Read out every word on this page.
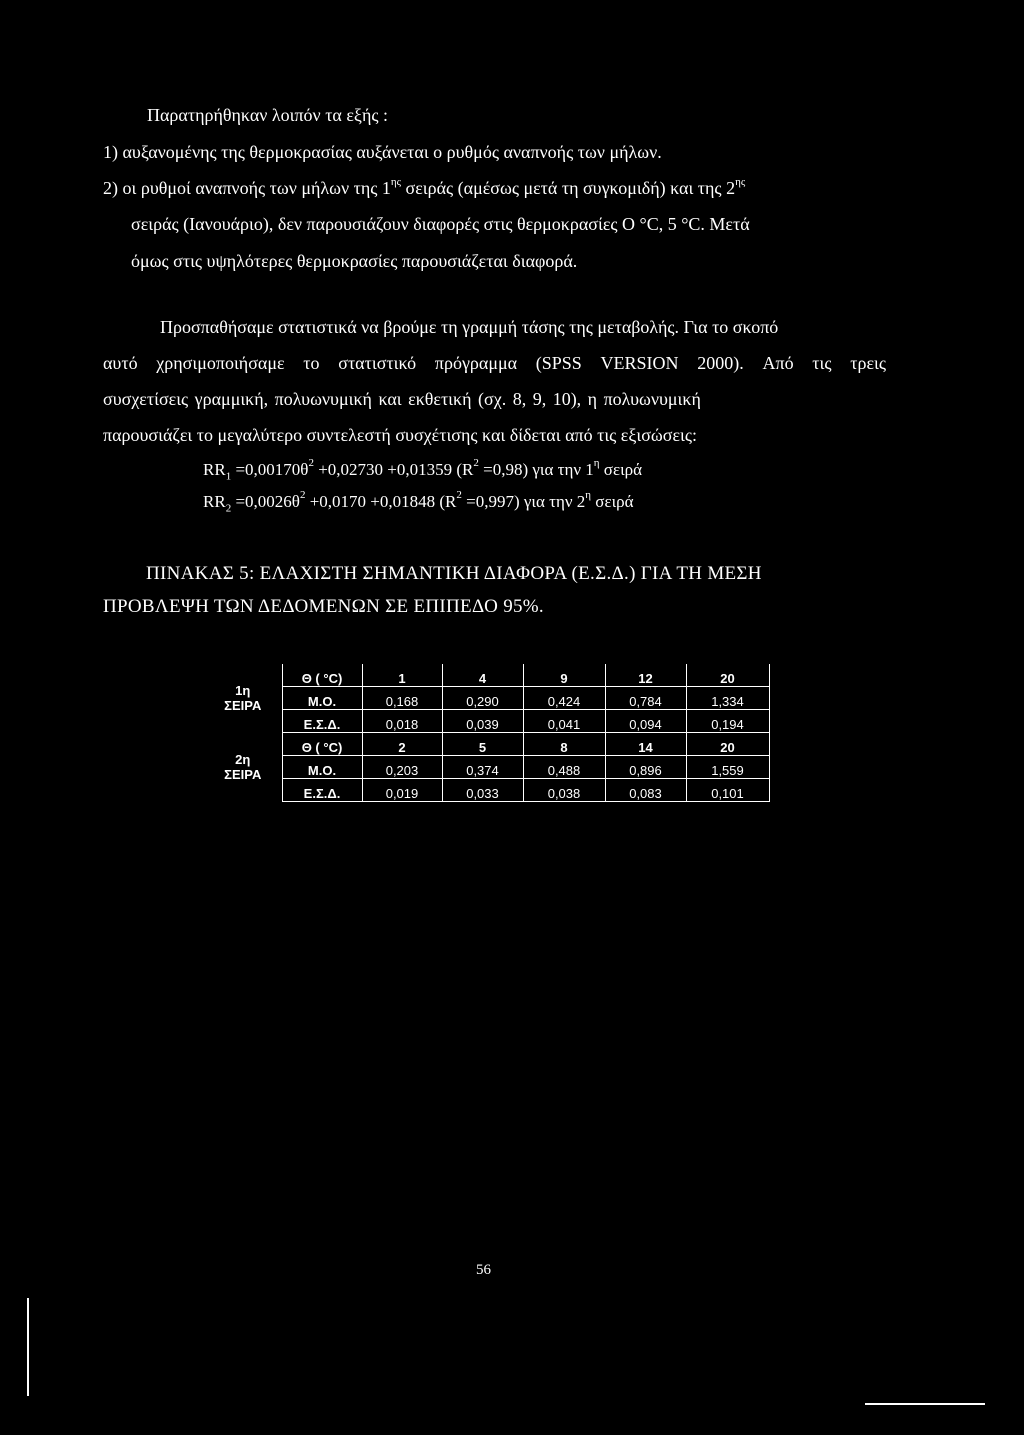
Παρατηρήθηκαν λοιπόν τα εξής :
1) αυξανομένης της θερμοκρασίας αυξάνεται ο ρυθμός αναπνοής των μήλων.
2) οι ρυθμοί αναπνοής των μήλων της $1^{\eta\varsigma}$ σειράς (αμέσως μετά τη συγκομιδή) και της $2^{\eta\varsigma}$
σειράς (Ιανουάριο), δεν παρουσιάζουν διαφορές στις θερμοκρασίες O °C, 5 °C. Μετά
όμως στις υψηλότερες θερμοκρασίες παρουσιάζεται διαφορά.
Προσπαθήσαμε στατιστικά να βρούμε τη γραμμή τάσης της μεταβολής. Για το σκοπό
αυτό χρησιμοποιήσαμε το στατιστικό πρόγραμμα (SPSS VERSION 2000). Από τις τρεις
συσχετίσεις γραμμική, πολυωνυμική και εκθετική (σχ. 8, 9, 10), η πολυωνυμική
παρουσιάζει το μεγαλύτερο συντελεστή συσχέτισης και δίδεται από τις εξισώσεις:
$RR_1 =0,00170\theta^2 +0,02730 +0,01359$ $(R^2 =0,98)$ για την $1^\eta$ σειρά
$RR_2 =0,0026\theta^2 +0,0170 +0,01848$ $(R^2 =0,997)$ για την $2^\eta$ σειρά
ΠΙΝΑΚΑΣ 5: ΕΛΑΧΙΣΤΗ ΣΗΜΑΝΤΙΚΗ ΔΙΑΦΟΡΑ (Ε.Σ.Δ.) ΓΙΑ ΤΗ ΜΕΣΗ
ΠΡΟΒΛΕΨΗ ΤΩΝ ΔΕΔΟΜΕΝΩΝ ΣΕ ΕΠΙΠΕΔΟ 95%.
1η
ΣΕΙΡΑ	Θ ( °C)	1	4	9	12	20
	Μ.Ο.	0,168	0,290	0,424	0,784	1,334
	Ε.Σ.Δ.	0,018	0,039	0,041	0,094	0,194

2η
ΣΕΙΡΑ	Θ ( °C)	2	5	8	14	20
	Μ.Ο.	0,203	0,374	0,488	0,896	1,559
	Ε.Σ.Δ.	0,019	0,033	0,038	0,083	0,101
56
